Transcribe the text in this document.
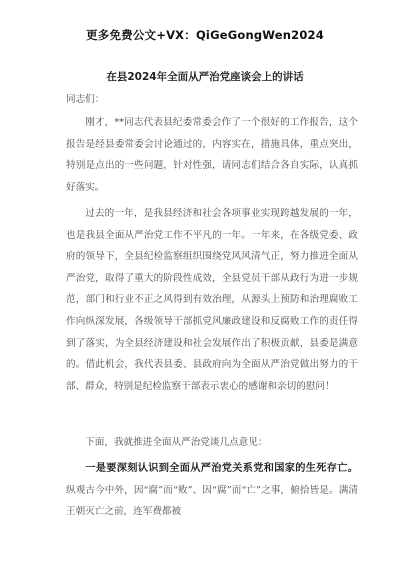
更多免费公文+VX：QiGeGongWen2024
在县2024年全面从严治党座谈会上的讲话
同志们：

刚才，**同志代表县纪委常委会作了一个很好的工作报告，这个报告是经县委常委会讨论通过的，内容实在，措施具体，重点突出，特别是点出的一些问题，针对性强，请同志们结合各自实际，认真抓好落实。

过去的一年，是我县经济和社会各项事业实现跨越发展的一年，也是我县全面从严治党工作不平凡的一年。一年来，在各级党委、政府的领导下，全县纪检监察组织围绕党风风清气正，努力推进全面从严治党，取得了重大的阶段性成效，全县党员干部从政行为进一步规范，部门和行业不正之风得到有效治理，从源头上预防和治理腐败工作向纵深发展，各级领导干部抓党风廉政建设和反腐败工作的责任得到了落实，为全县经济建设和社会发展作出了积极贡献，县委是满意的。借此机会，我代表县委、县政府向为全面从严治党做出努力的干部、群众，特别是纪检监察干部表示衷心的感谢和亲切的慰问！

下面，我就推进全面从严治党谈几点意见：

一是要深刻认识到全面从严治党关系党和国家的生死存亡。纵观古今中外，因“腐”而“败”、因“腐”而“亡”之事，俯拾皆是。满清王朝灭亡之前，连军费都被
